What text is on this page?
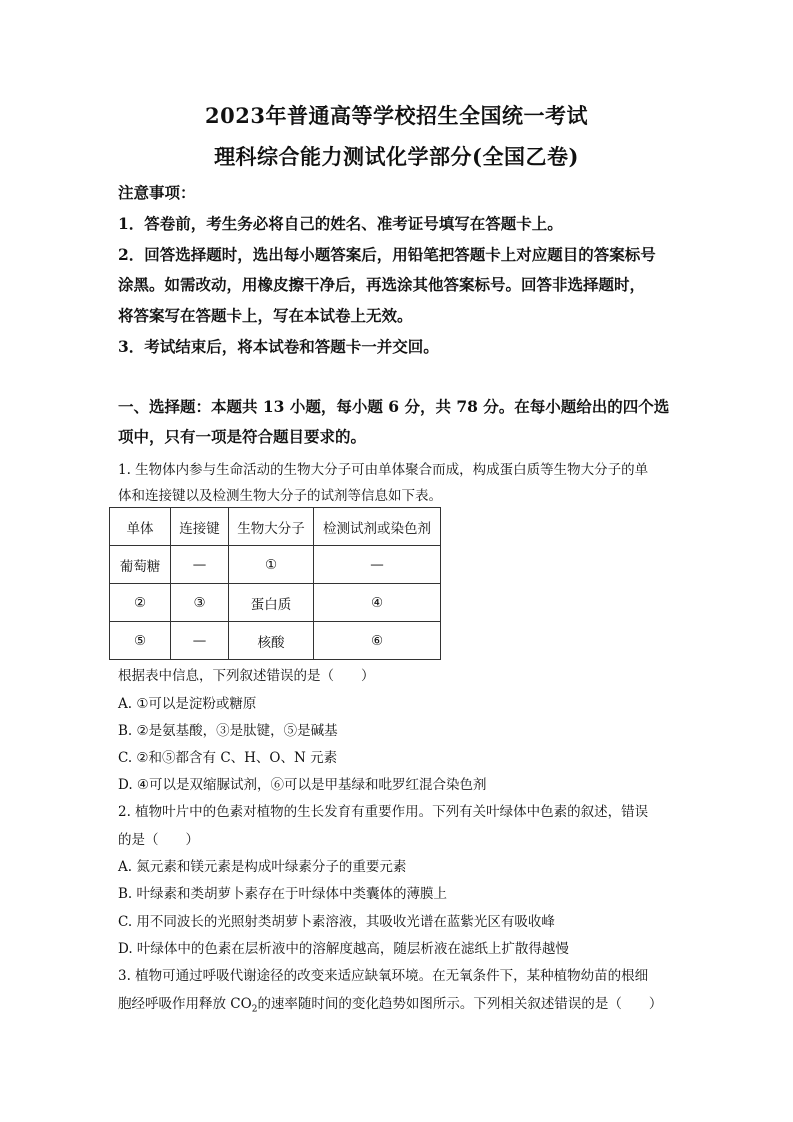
2023年普通高等学校招生全国统一考试
理科综合能力测试化学部分(全国乙卷)
注意事项：
1．答卷前，考生务必将自己的姓名、准考证号填写在答题卡上。
2．回答选择题时，选出每小题答案后，用铅笔把答题卡上对应题目的答案标号
涂黑。如需改动，用橡皮擦干净后，再选涂其他答案标号。回答非选择题时，
将答案写在答题卡上，写在本试卷上无效。
3．考试结束后，将本试卷和答题卡一并交回。
一、选择题：本题共 13 小题，每小题 6 分，共 78 分。在每小题给出的四个选
项中，只有一项是符合题目要求的。
1. 生物体内参与生命活动的生物大分子可由单体聚合而成，构成蛋白质等生物大分子的单
体和连接键以及检测生物大分子的试剂等信息如下表。
单体	连接键	生物大分子	检测试剂或染色剂
葡萄糖	—	①	—
②	③	蛋白质	④
⑤	—	核酸	⑥
根据表中信息，下列叙述错误的是（　　）
A. ①可以是淀粉或糖原
B. ②是氨基酸，③是肽键，⑤是碱基
C. ②和⑤都含有 C、H、O、N 元素
D. ④可以是双缩脲试剂，⑥可以是甲基绿和吡罗红混合染色剂
2. 植物叶片中的色素对植物的生长发育有重要作用。下列有关叶绿体中色素的叙述，错误
的是（　　）
A. 氮元素和镁元素是构成叶绿素分子的重要元素
B. 叶绿素和类胡萝卜素存在于叶绿体中类囊体的薄膜上
C. 用不同波长的光照射类胡萝卜素溶液，其吸收光谱在蓝紫光区有吸收峰
D. 叶绿体中的色素在层析液中的溶解度越高，随层析液在滤纸上扩散得越慢
3. 植物可通过呼吸代谢途径的改变来适应缺氧环境。在无氧条件下，某种植物幼苗的根细
胞经呼吸作用释放 $CO_2$的速率随时间的变化趋势如图所示。下列相关叙述错误的是（　　）
